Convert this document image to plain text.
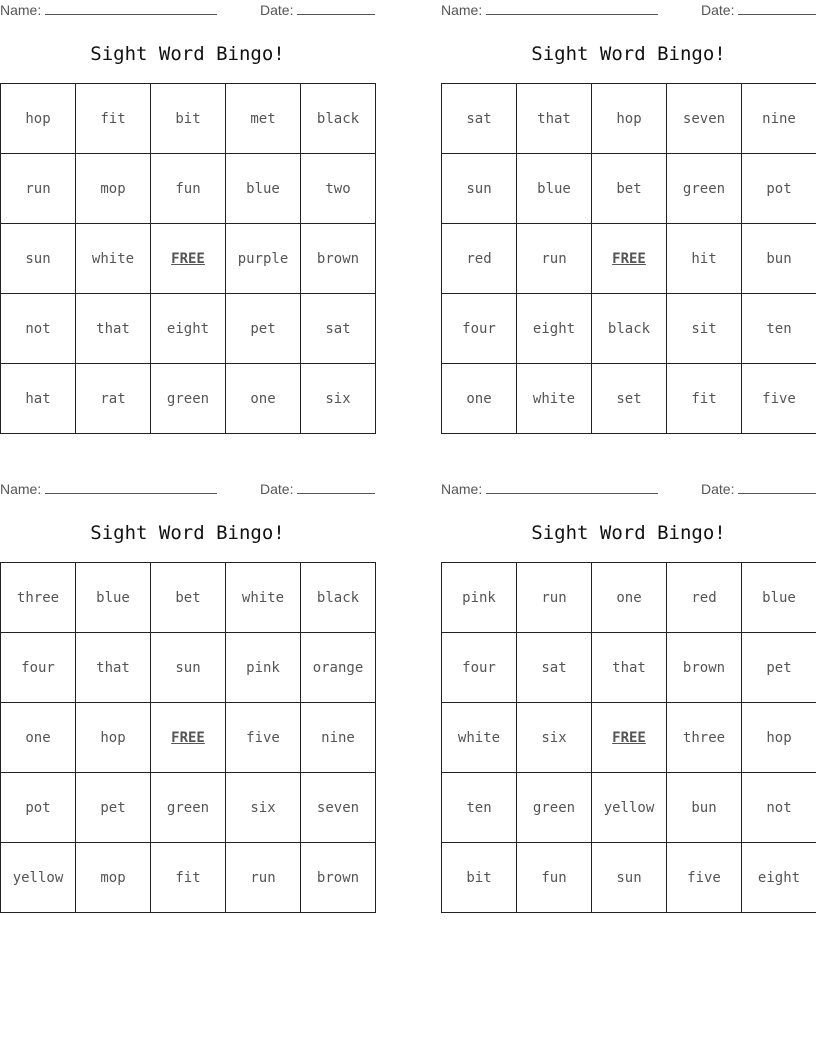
Name:	Date:
Sight Word Bingo!
hop	fit	bit	met	black
run	mop	fun	blue	two
sun	white	FREE	purple	brown
not	that	eight	pet	sat
hat	rat	green	one	six
Name:	Date:
Sight Word Bingo!
sat	that	hop	seven	nine
sun	blue	bet	green	pot
red	run	FREE	hit	bun
four	eight	black	sit	ten
one	white	set	fit	five
Name:	Date:
Sight Word Bingo!
three	blue	bet	white	black
four	that	sun	pink	orange
one	hop	FREE	five	nine
pot	pet	green	six	seven
yellow	mop	fit	run	brown
Name:	Date:
Sight Word Bingo!
pink	run	one	red	blue
four	sat	that	brown	pet
white	six	FREE	three	hop
ten	green	yellow	bun	not
bit	fun	sun	five	eight
